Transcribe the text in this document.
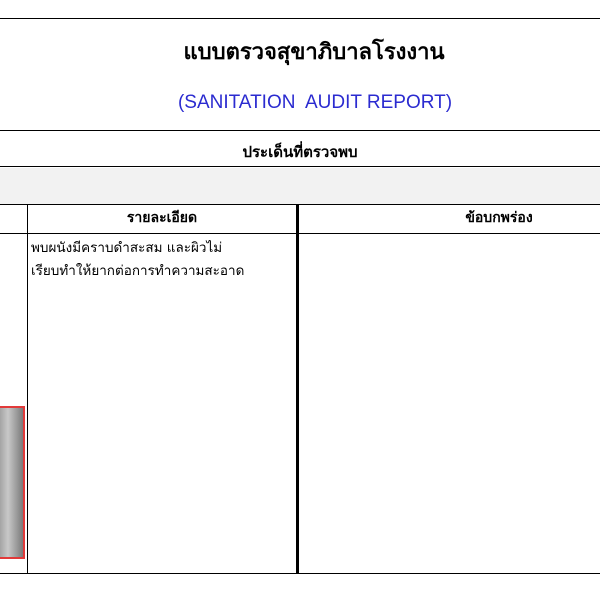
แบบตรวจสุขาภิบาลโรงงาน
(SANITATION  AUDIT REPORT)
ประเด็นที่ตรวจพบ
รายละเอียด	ข้อบกพร่อง
พบผนังมีคราบดำสะสม และผิวไม่
เรียบทำให้ยากต่อการทำความสะอาด
